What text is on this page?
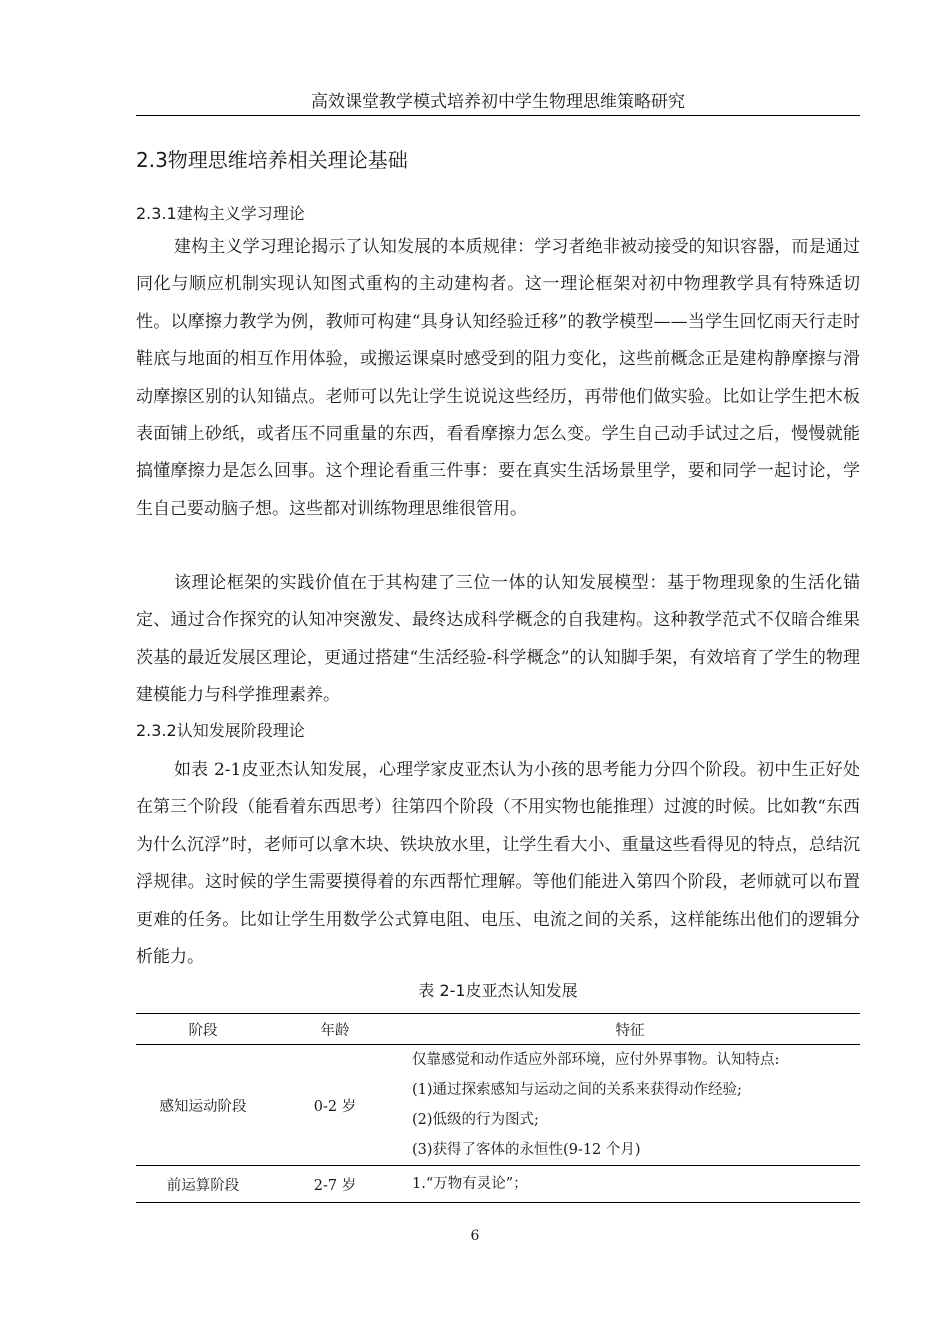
高效课堂教学模式培养初中学生物理思维策略研究
2.3物理思维培养相关理论基础
2.3.1建构主义学习理论

建构主义学习理论揭示了认知发展的本质规律：学习者绝非被动接受的知识容器，而是通过同化与顺应机制实现认知图式重构的主动建构者。这一理论框架对初中物理教学具有特殊适切性。以摩擦力教学为例，教师可构建“具身认知经验迁移”的教学模型——当学生回忆雨天行走时鞋底与地面的相互作用体验，或搬运课桌时感受到的阻力变化，这些前概念正是建构静摩擦与滑动摩擦区别的认知锚点。老师可以先让学生说说这些经历，再带他们做实验。比如让学生把木板表面铺上砂纸，或者压不同重量的东西，看看摩擦力怎么变。学生自己动手试过之后，慢慢就能搞懂摩擦力是怎么回事。这个理论看重三件事：要在真实生活场景里学，要和同学一起讨论，学生自己要动脑子想。这些都对训练物理思维很管用。

该理论框架的实践价值在于其构建了三位一体的认知发展模型：基于物理现象的生活化锚定、通过合作探究的认知冲突激发、最终达成科学概念的自我建构。这种教学范式不仅暗合维果茨基的最近发展区理论，更通过搭建“生活经验-科学概念”的认知脚手架，有效培育了学生的物理建模能力与科学推理素养。

2.3.2认知发展阶段理论

如表 2-1皮亚杰认知发展，心理学家皮亚杰认为小孩的思考能力分四个阶段。初中生正好处在第三个阶段（能看着东西思考）往第四个阶段（不用实物也能推理）过渡的时候。比如教“东西为什么沉浮”时，老师可以拿木块、铁块放水里，让学生看大小、重量这些看得见的特点，总结沉浮规律。这时候的学生需要摸得着的东西帮忙理解。等他们能进入第四个阶段，老师就可以布置更难的任务。比如让学生用数学公式算电阻、电压、电流之间的关系，这样能练出他们的逻辑分析能力。

表 2-1皮亚杰认知发展
阶段	年龄	特征
感知运动阶段	0-2 岁	仅靠感觉和动作适应外部环境，应付外界事物。认知特点:
(1)通过探索感知与运动之间的关系来获得动作经验;
(2)低级的行为图式;
(3)获得了客体的永恒性(9-12 个月)

前运算阶段	2-7 岁	1.“万物有灵论”；
6
